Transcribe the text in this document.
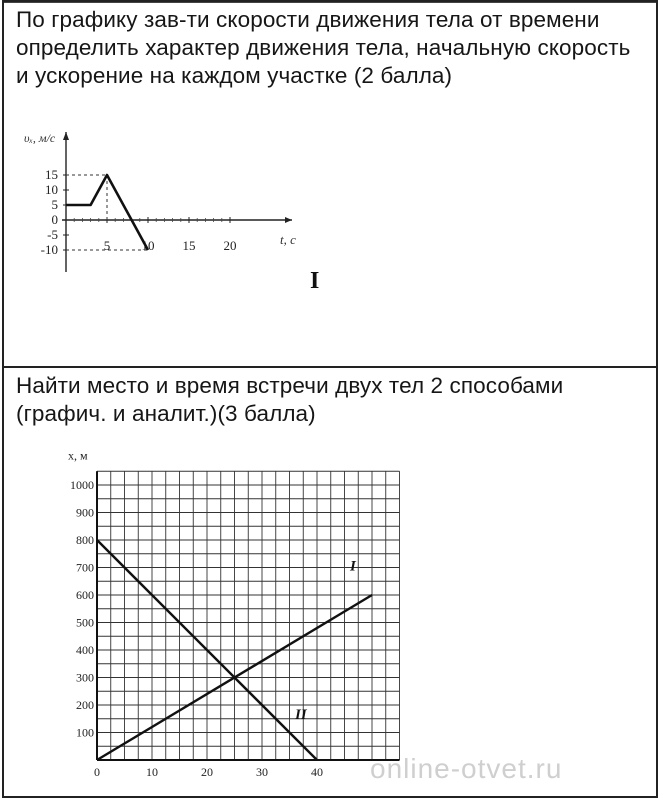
По графику зав-ти скорости движения тела от времени определить характер движения тела, начальную скорость и ускорение на каждом участке (2 балла)

υₓ, м/с
t, с
15
10
5
0
-5
-10	5 10 15 20
I

Найти место и время встречи двух тел 2 способами (графич. и аналит.)(3 балла)

x, м
1000
900
800
700
600
500
400
300
200
100
0	10	20	30	40
I
II
online-otvet.ru
